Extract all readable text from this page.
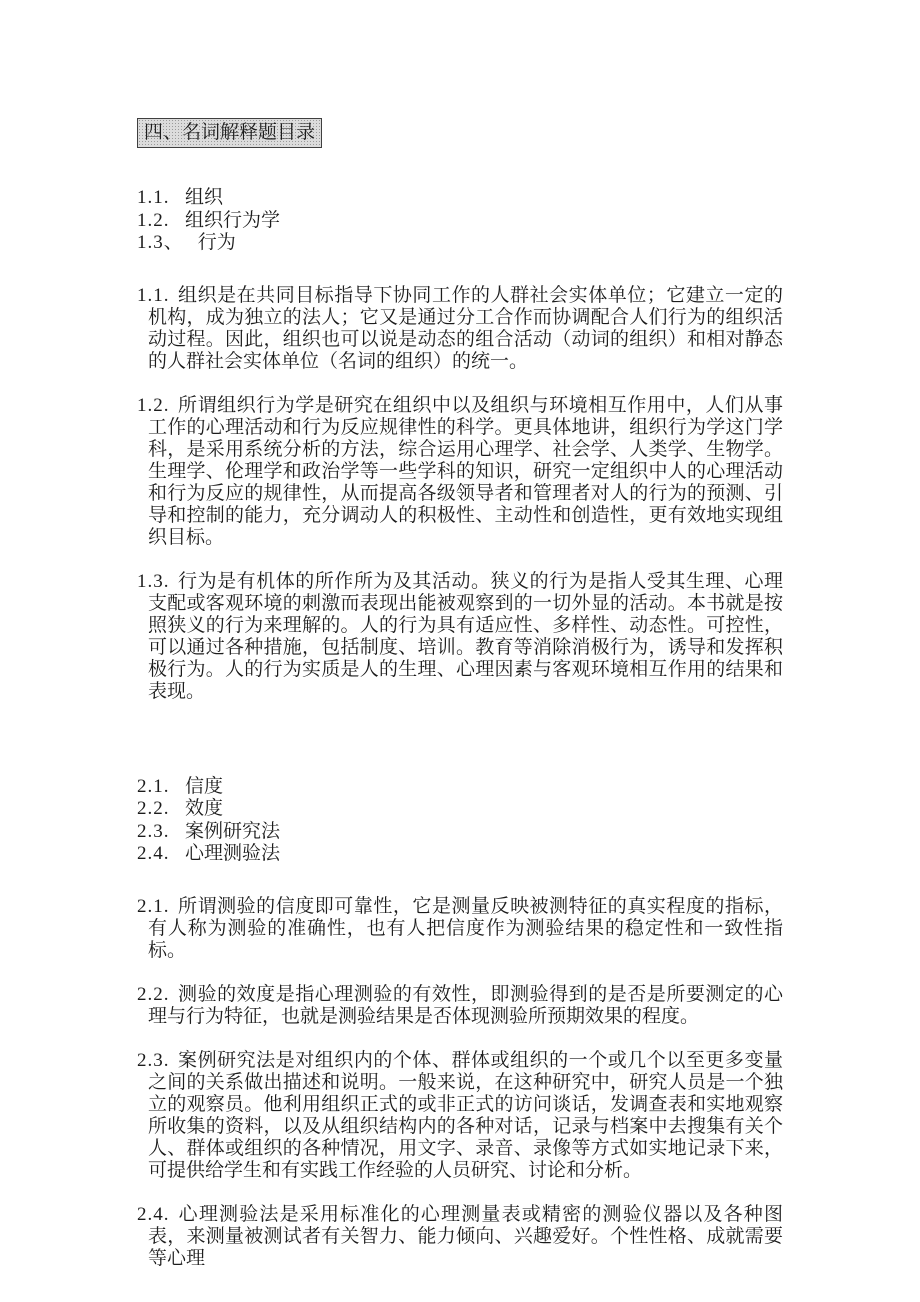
四、名词解释题目录
1.1. 组织
1.2. 组织行为学
1.3、 行为

1.1. 组织是在共同目标指导下协同工作的人群社会实体单位；它建立一定的机构，成为独立的法人；它又是通过分工合作而协调配合人们行为的组织活动过程。因此，组织也可以说是动态的组合活动（动词的组织）和相对静态的人群社会实体单位（名词的组织）的统一。

1.2. 所谓组织行为学是研究在组织中以及组织与环境相互作用中，人们从事工作的心理活动和行为反应规律性的科学。更具体地讲，组织行为学这门学科，是采用系统分析的方法，综合运用心理学、社会学、人类学、生物学。生理学、伦理学和政治学等一些学科的知识，研究一定组织中人的心理活动和行为反应的规律性，从而提高各级领导者和管理者对人的行为的预测、引导和控制的能力，充分调动人的积极性、主动性和创造性，更有效地实现组织目标。

1.3. 行为是有机体的所作所为及其活动。狭义的行为是指人受其生理、心理支配或客观环境的刺激而表现出能被观察到的一切外显的活动。本书就是按照狭义的行为来理解的。人的行为具有适应性、多样性、动态性。可控性，可以通过各种措施，包括制度、培训。教育等消除消极行为，诱导和发挥积极行为。人的行为实质是人的生理、心理因素与客观环境相互作用的结果和表现。

2.1. 信度
2.2. 效度
2.3. 案例研究法
2.4. 心理测验法

2.1. 所谓测验的信度即可靠性，它是测量反映被测特征的真实程度的指标，有人称为测验的准确性，也有人把信度作为测验结果的稳定性和一致性指标。

2.2. 测验的效度是指心理测验的有效性，即测验得到的是否是所要测定的心理与行为特征，也就是测验结果是否体现测验所预期效果的程度。

2.3. 案例研究法是对组织内的个体、群体或组织的一个或几个以至更多变量之间的关系做出描述和说明。一般来说，在这种研究中，研究人员是一个独立的观察员。他利用组织正式的或非正式的访问谈话，发调查表和实地观察所收集的资料，以及从组织结构内的各种对话，记录与档案中去搜集有关个人、群体或组织的各种情况，用文字、录音、录像等方式如实地记录下来，可提供给学生和有实践工作经验的人员研究、讨论和分析。

2.4. 心理测验法是采用标准化的心理测量表或精密的测验仪器以及各种图表，来测量被测试者有关智力、能力倾向、兴趣爱好。个性性格、成就需要等心理
